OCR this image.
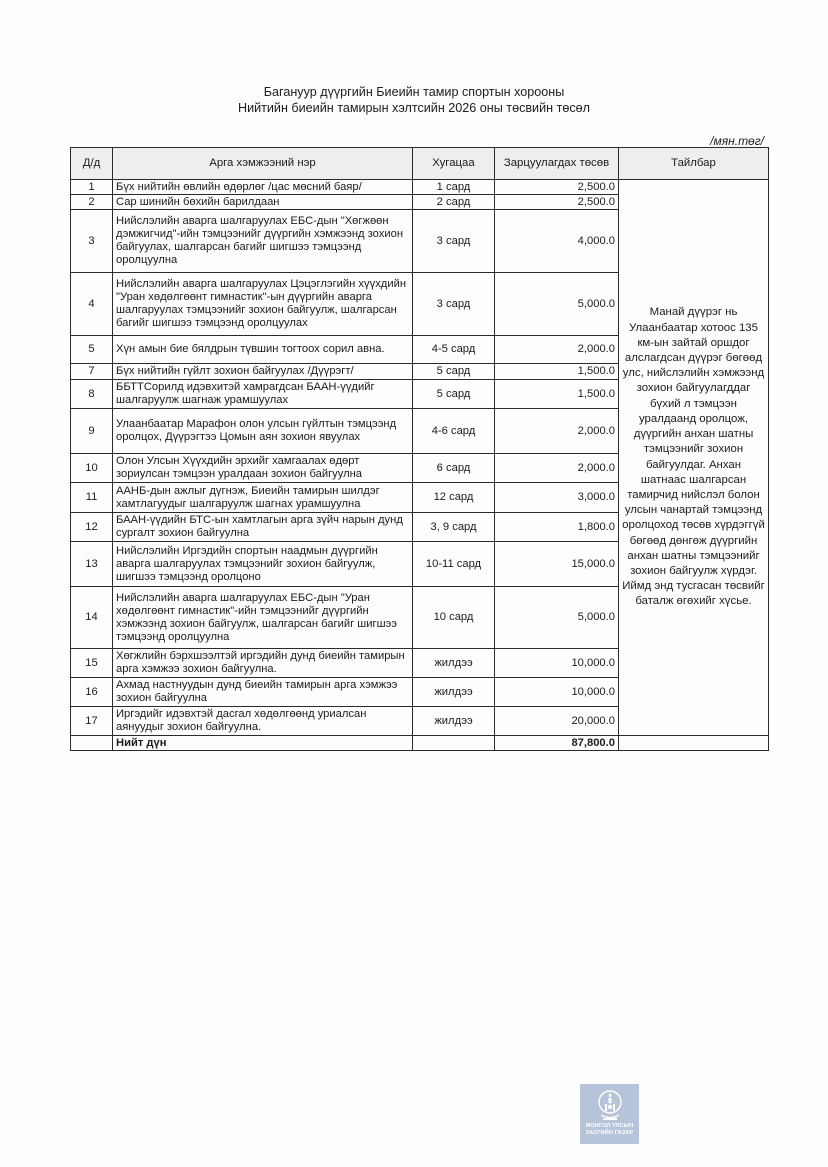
Багануур дүүргийн Биеийн тамир спортын хорооны
Нийтийн биеийн тамирын хэлтсийн 2026 оны төсвийн төсөл
/мян.төг/
Д/д	Арга хэмжээний нэр	Хугацаа	Зарцуулагдах төсөв	Тайлбар
1	Бүх нийтийн өвлийн өдөрлөг /цас мөсний баяр/	1 сард	2,500.0	Манай дүүрэг нь Улаанбаатар хотоос 135 км-ын зайтай оршдог алслагдсан дүүрэг бөгөөд улс, нийслэлийн хэмжээнд зохион байгуулагддаг бүхий л тэмцээн уралдаанд оролцож, дүүргийн анхан шатны тэмцээнийг зохион байгуулдаг. Анхан шатнаас шалгарсан тамирчид нийслэл болон улсын чанартай тэмцээнд оролцоход төсөв хүрдэггүй бөгөөд дөнгөж дүүргийн анхан шатны тэмцээнийг зохион байгуулж хүрдэг. Иймд энд тусгасан төсвийг баталж өгөхийг хүсье.
2	Сар шинийн бөхийн барилдаан	2 сард	2,500.0	
3	Нийслэлийн аварга шалгаруулах ЕБС-дын "Хөгжөөн дэмжигчид"-ийн тэмцээнийг дүүргийн хэмжээнд зохион байгуулах, шалгарсан багийг шигшээ тэмцээнд оролцуулна	3 сард	4,000.0	
4	Нийслэлийн аварга шалгаруулах Цэцэглэгийн хүүхдийн "Уран хөдөлгөөнт гимнастик"-ын дүүргийн аварга шалгаруулах тэмцээнийг зохион байгуулж, шалгарсан багийг шигшээ тэмцээнд оролцуулах	3 сард	5,000.0	
5	Хүн амын бие бялдрын түвшин тогтоох сорил авна.	4-5 сард	2,000.0	
7	Бүх нийтийн гүйлт зохион байгуулах /Дүүрэгт/	5 сард	1,500.0	
8	ББТТСорилд идэвхитэй хамрагдсан БААН-үүдийг шалгаруулж шагнаж урамшуулах	5 сард	1,500.0	
9	Улаанбаатар Марафон олон улсын гүйлтын тэмцээнд оролцох, Дүүрэгтээ Цомын аян зохион явуулах	4-6 сард	2,000.0	
10	Олон Улсын Хүүхдийн эрхийг хамгаалах өдөрт зориулсан тэмцээн уралдаан зохион байгуулна	6 сард	2,000.0	
11	ААНБ-дын ажлыг дүгнэж, Биеийн тамирын шилдэг хамтлагуудыг шалгаруулж шагнах урамшуулна	12 сард	3,000.0	
12	БААН-үүдийн БТС-ын хамтлагын арга зүйч нарын дунд сургалт зохион байгуулна	3, 9 сард	1,800.0	
13	Нийслэлийн Иргэдийн спортын наадмын дүүргийн аварга шалгаруулах тэмцээнийг зохион байгуулж, шигшээ тэмцээнд оролцоно	10-11 сард	15,000.0	
14	Нийслэлийн аварга шалгаруулах ЕБС-дын "Уран хөдөлгөөнт гимнастик"-ийн тэмцээнийг дүүргийн хэмжээнд зохион байгуулж, шалгарсан багийг шигшээ тэмцээнд оролцуулна	10 сард	5,000.0	
15	Хөгжлийн бэрхшээлтэй иргэдийн дунд биеийн тамирын арга хэмжээ зохион байгуулна.	жилдээ	10,000.0	
16	Ахмад настнуудын дунд биеийн тамирын арга хэмжээ зохион байгуулна	жилдээ	10,000.0	
17	Иргэдийг идэвхтэй дасгал хөдөлгөөнд уриалсан аянуудыг зохион байгуулна.	жилдээ	20,000.0	
	Нийт дүн		87,800.0	
МОНГОЛ УЛСЫН
ЗАСГИЙН ГАЗАР
